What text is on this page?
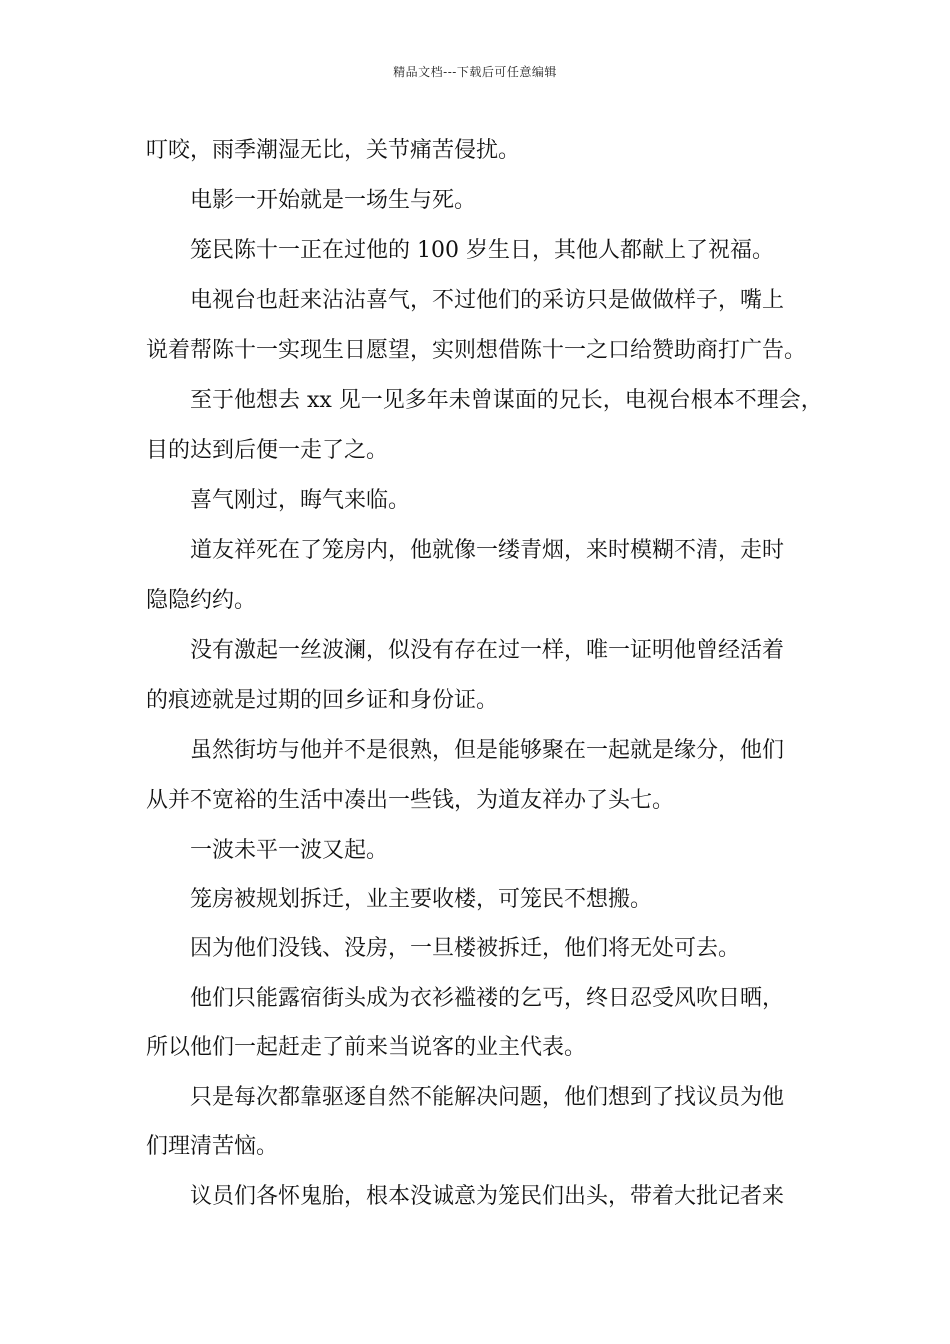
精品文档---下载后可任意编辑
叮咬，雨季潮湿无比，关节痛苦侵扰。
电影一开始就是一场生与死。
笼民陈十一正在过他的 100 岁生日，其他人都献上了祝福。
电视台也赶来沾沾喜气，不过他们的采访只是做做样子，嘴上
说着帮陈十一实现生日愿望，实则想借陈十一之口给赞助商打广告。
至于他想去 xx 见一见多年未曾谋面的兄长，电视台根本不理会，
目的达到后便一走了之。
喜气刚过，晦气来临。
道友祥死在了笼房内，他就像一缕青烟，来时模糊不清，走时
隐隐约约。
没有激起一丝波澜，似没有存在过一样，唯一证明他曾经活着
的痕迹就是过期的回乡证和身份证。
虽然街坊与他并不是很熟，但是能够聚在一起就是缘分，他们
从并不宽裕的生活中凑出一些钱，为道友祥办了头七。
一波未平一波又起。
笼房被规划拆迁，业主要收楼，可笼民不想搬。
因为他们没钱、没房，一旦楼被拆迁，他们将无处可去。
他们只能露宿街头成为衣衫褴褛的乞丐，终日忍受风吹日晒，
所以他们一起赶走了前来当说客的业主代表。
只是每次都靠驱逐自然不能解决问题，他们想到了找议员为他
们理清苦恼。
议员们各怀鬼胎，根本没诚意为笼民们出头，带着大批记者来
